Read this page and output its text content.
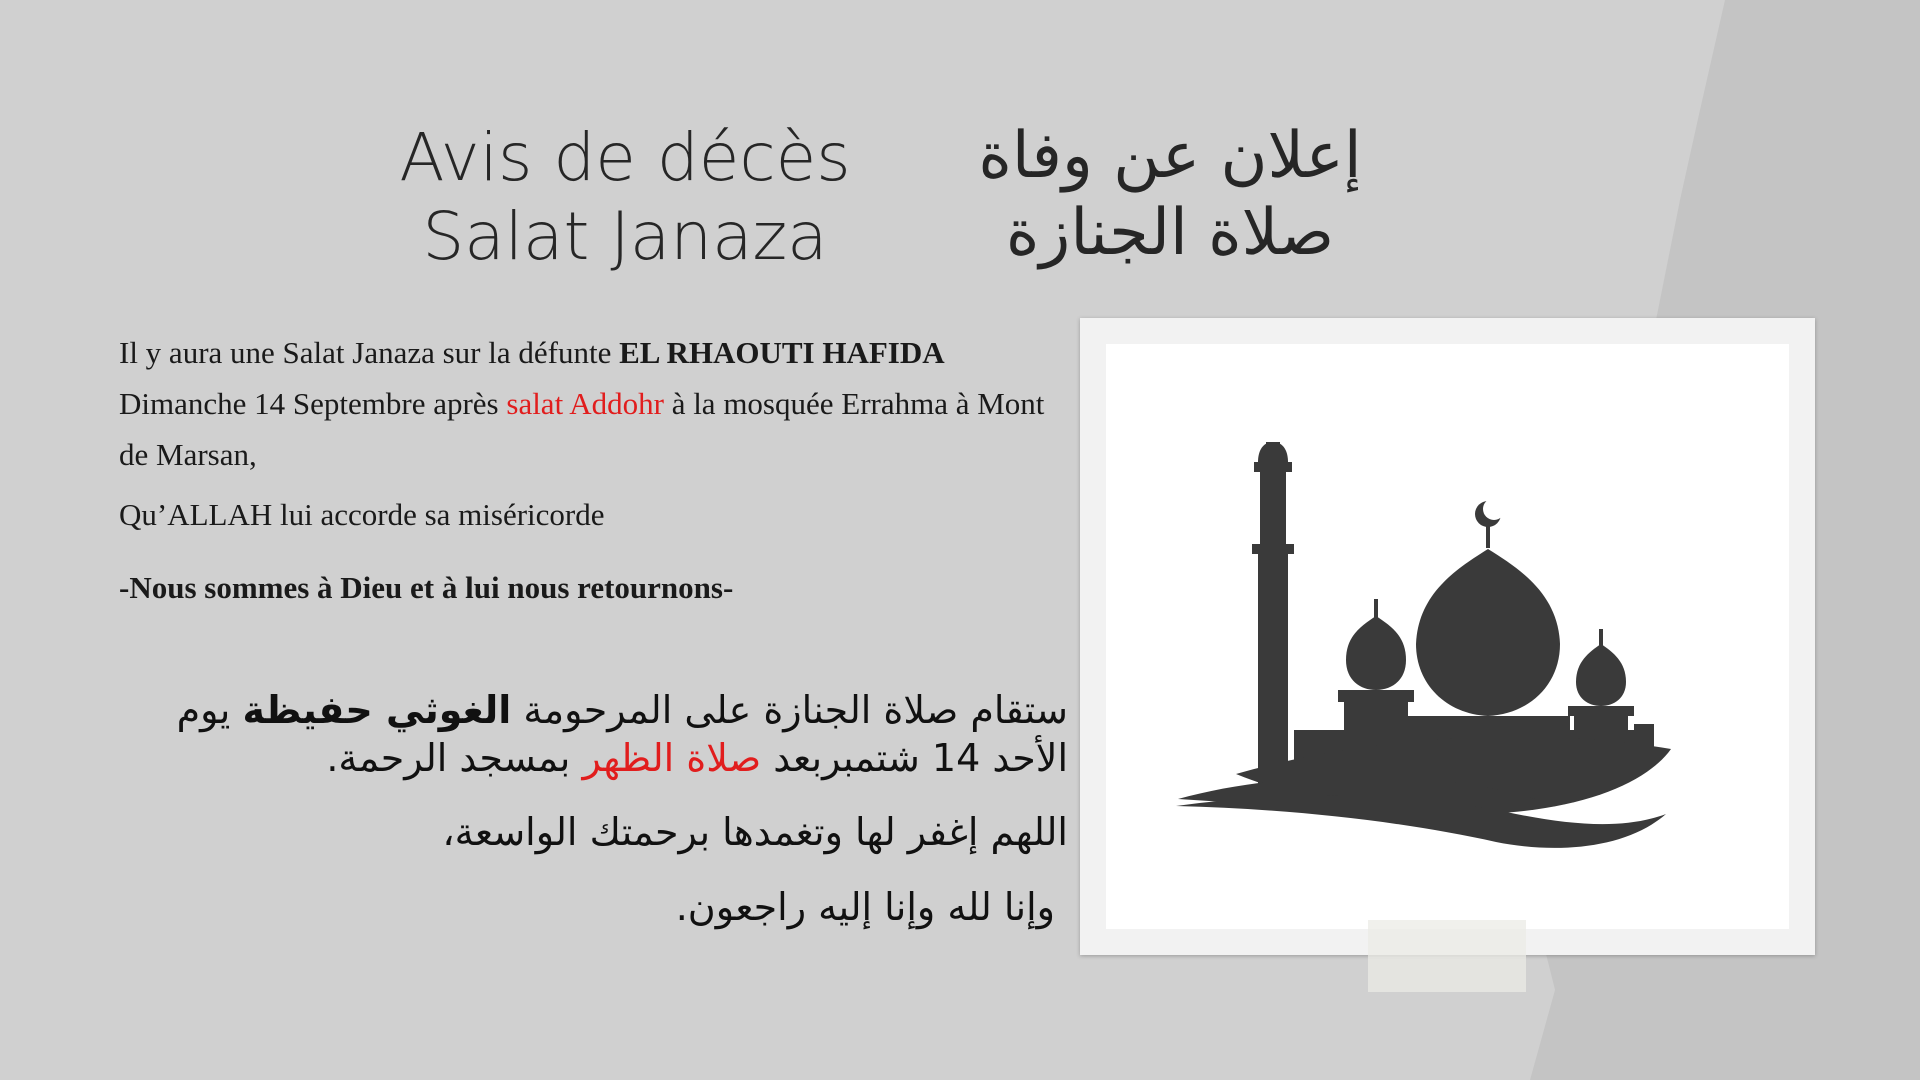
Avis de décès
Salat Janaza
إعلان عن وفاة
صلاة الجنازة
Il y aura une Salat Janaza sur la défunte EL RHAOUTI HAFIDA
Dimanche 14 Septembre après salat Addohr à la mosquée Errahma à Mont de Marsan,
Qu’ALLAH lui accorde sa miséricorde
-Nous sommes à Dieu et à lui nous retournons-
ستقام صلاة الجنازة على المرحومة الغوثي حفيظة يوم الأحد 14 شتمبربعد صلاة الظهر بمسجد الرحمة.
اللهم إغفر لها وتغمدها برحمتك الواسعة،
وإنا لله وإنا إليه راجعون.
